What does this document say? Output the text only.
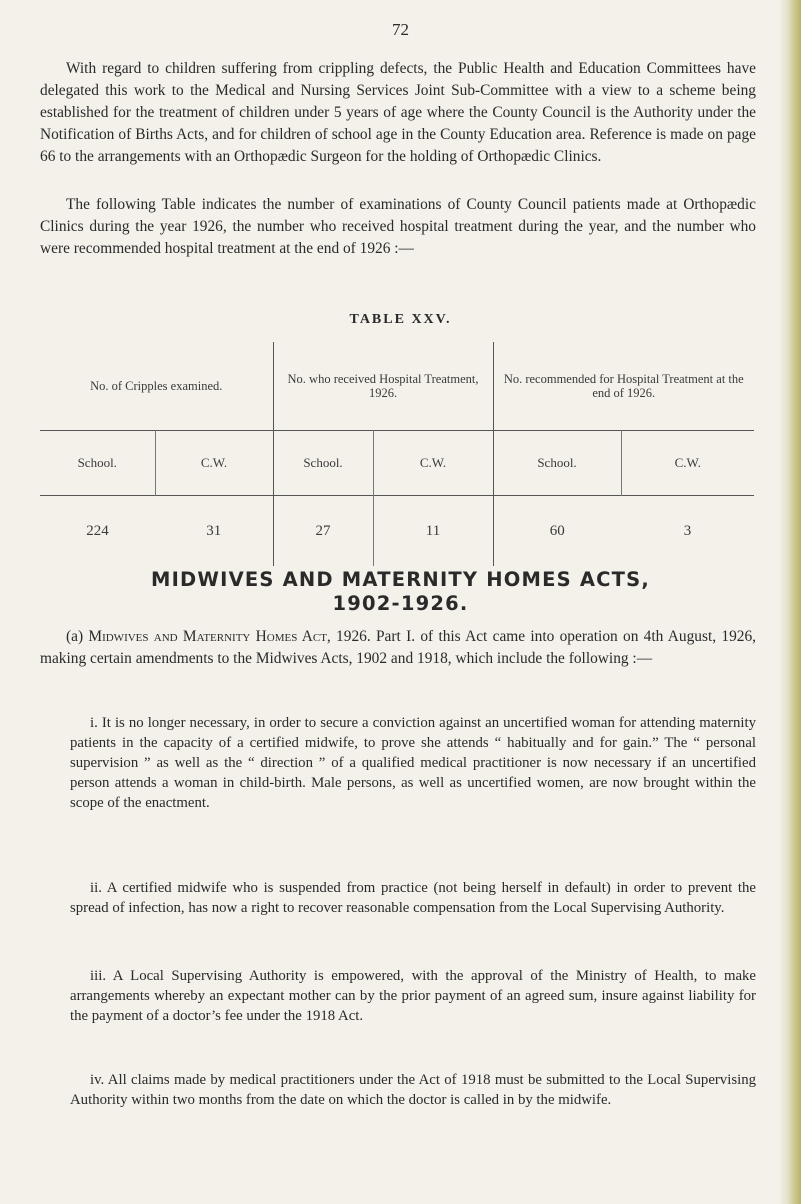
72

With regard to children suffering from crippling defects, the Public Health and Education Committees have delegated this work to the Medical and Nursing Services Joint Sub-Committee with a view to a scheme being established for the treatment of children under 5 years of age where the County Council is the Authority under the Notification of Births Acts, and for children of school age in the County Education area. Reference is made on page 66 to the arrangements with an Orthopædic Surgeon for the holding of Orthopædic Clinics.

The following Table indicates the number of examinations of County Council patients made at Orthopædic Clinics during the year 1926, the number who received hospital treatment during the year, and the number who were recommended hospital treatment at the end of 1926 :—

TABLE XXV.
No. of Cripples examined.		No. who received Hospital Treatment, 1926.		No. recommended for Hospital Treatment at the end of 1926.	
School.	C.W.	School.	C.W.	School.	C.W.
224	31	27	11	60	3
MIDWIVES AND MATERNITY HOMES ACTS,
1902-1926.

(a) Midwives and Maternity Homes Act, 1926. Part I. of this Act came into operation on 4th August, 1926, making certain amendments to the Midwives Acts, 1902 and 1918, which include the following :—

i. It is no longer necessary, in order to secure a conviction against an uncertified woman for attending maternity patients in the capacity of a certified midwife, to prove she attends “ habitually and for gain.” The “ personal supervision ” as well as the “ direction ” of a qualified medical practitioner is now necessary if an uncertified person attends a woman in child-birth. Male persons, as well as uncertified women, are now brought within the scope of the enactment.

ii. A certified midwife who is suspended from practice (not being herself in default) in order to prevent the spread of infection, has now a right to recover reasonable compensation from the Local Supervising Authority.

iii. A Local Supervising Authority is empowered, with the approval of the Ministry of Health, to make arrangements whereby an expectant mother can by the prior payment of an agreed sum, insure against liability for the payment of a doctor’s fee under the 1918 Act.

iv. All claims made by medical practitioners under the Act of 1918 must be submitted to the Local Supervising Authority within two months from the date on which the doctor is called in by the midwife.
